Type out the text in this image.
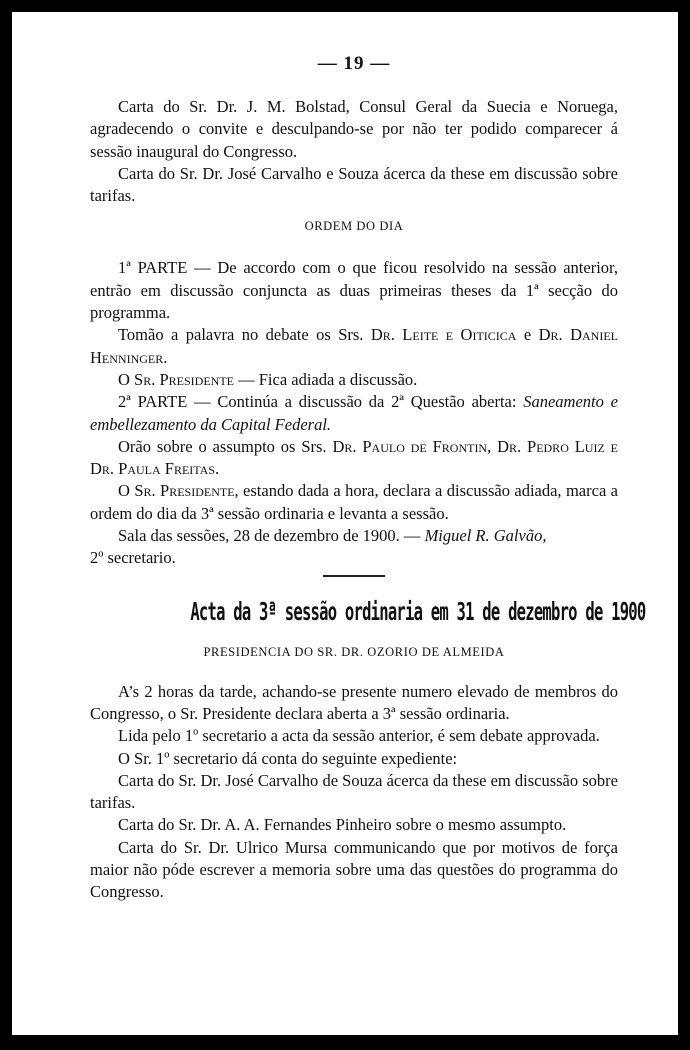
— 19 —

Carta do Sr. Dr. J. M. Bolstad, Consul Geral da Suecia e Noruega, agradecendo o convite e desculpando-se por não ter podido comparecer á sessão inaugural do Congresso.

Carta do Sr. Dr. José Carvalho e Souza ácerca da these em discussão sobre tarifas.

ORDEM DO DIA

1ª PARTE — De accordo com o que ficou resolvido na sessão anterior, entrão em discussão conjuncta as duas primeiras theses da 1ª secção do programma.

Tomão a palavra no debate os Srs. Dr. Leite e Oiticica e Dr. Daniel Henninger.

O Sr. Presidente — Fica adiada a discussão.

2ª PARTE — Continúa a discussão da 2ª Questão aberta: Saneamento e embellezamento da Capital Federal.

Orão sobre o assumpto os Srs. Dr. Paulo de Frontin, Dr. Pedro Luiz e Dr. Paula Freitas.

O Sr. Presidente, estando dada a hora, declara a discussão adiada, marca a ordem do dia da 3ª sessão ordinaria e levanta a sessão.

Sala das sessões, 28 de dezembro de 1900. — Miguel R. Galvão,

2º secretario.

Acta da 3ª sessão ordinaria em 31 de dezembro de 1900
PRESIDENCIA DO SR. DR. OZORIO DE ALMEIDA

A’s 2 horas da tarde, achando-se presente numero elevado de membros do Congresso, o Sr. Presidente declara aberta a 3ª sessão ordinaria.

Lida pelo 1º secretario a acta da sessão anterior, é sem debate approvada.

O Sr. 1º secretario dá conta do seguinte expediente:

Carta do Sr. Dr. José Carvalho de Souza ácerca da these em discussão sobre tarifas.

Carta do Sr. Dr. A. A. Fernandes Pinheiro sobre o mesmo assumpto.

Carta do Sr. Dr. Ulrico Mursa communicando que por motivos de força maior não póde escrever a memoria sobre uma das questões do programma do Congresso.
